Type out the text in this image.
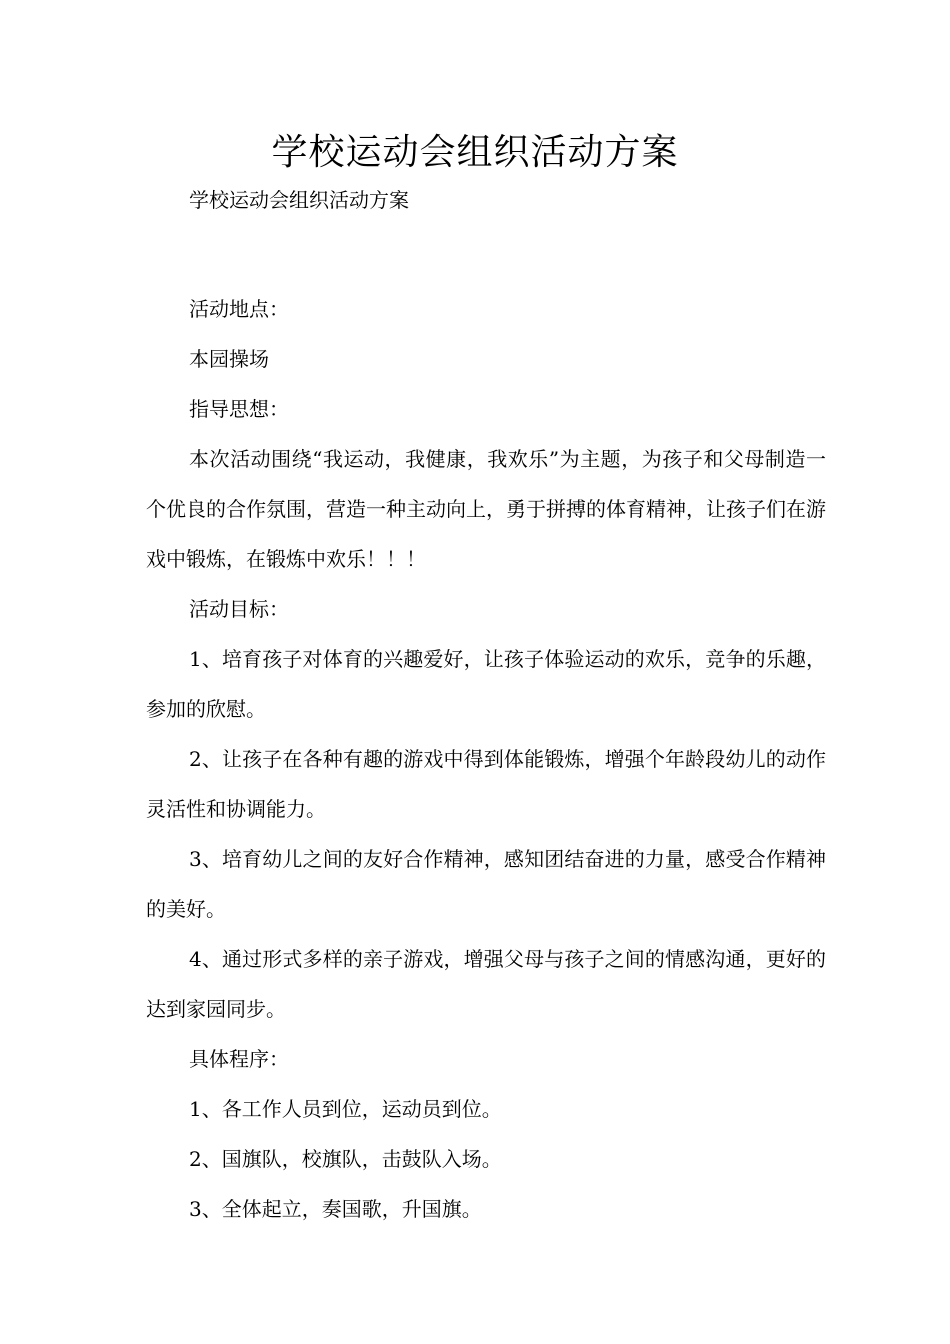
学校运动会组织活动方案
学校运动会组织活动方案

活动地点：

本园操场

指导思想：

本次活动围绕“我运动，我健康，我欢乐”为主题，为孩子和父母制造一个优良的合作氛围，营造一种主动向上，勇于拼搏的体育精神，让孩子们在游戏中锻炼，在锻炼中欢乐！！！

活动目标：

1、培育孩子对体育的兴趣爱好，让孩子体验运动的欢乐，竞争的乐趣，参加的欣慰。

2、让孩子在各种有趣的游戏中得到体能锻炼，增强个年龄段幼儿的动作灵活性和协调能力。

3、培育幼儿之间的友好合作精神，感知团结奋进的力量，感受合作精神的美好。

4、通过形式多样的亲子游戏，增强父母与孩子之间的情感沟通，更好的达到家园同步。

具体程序：

1、各工作人员到位，运动员到位。

2、国旗队，校旗队，击鼓队入场。

3、全体起立，奏国歌，升国旗。
